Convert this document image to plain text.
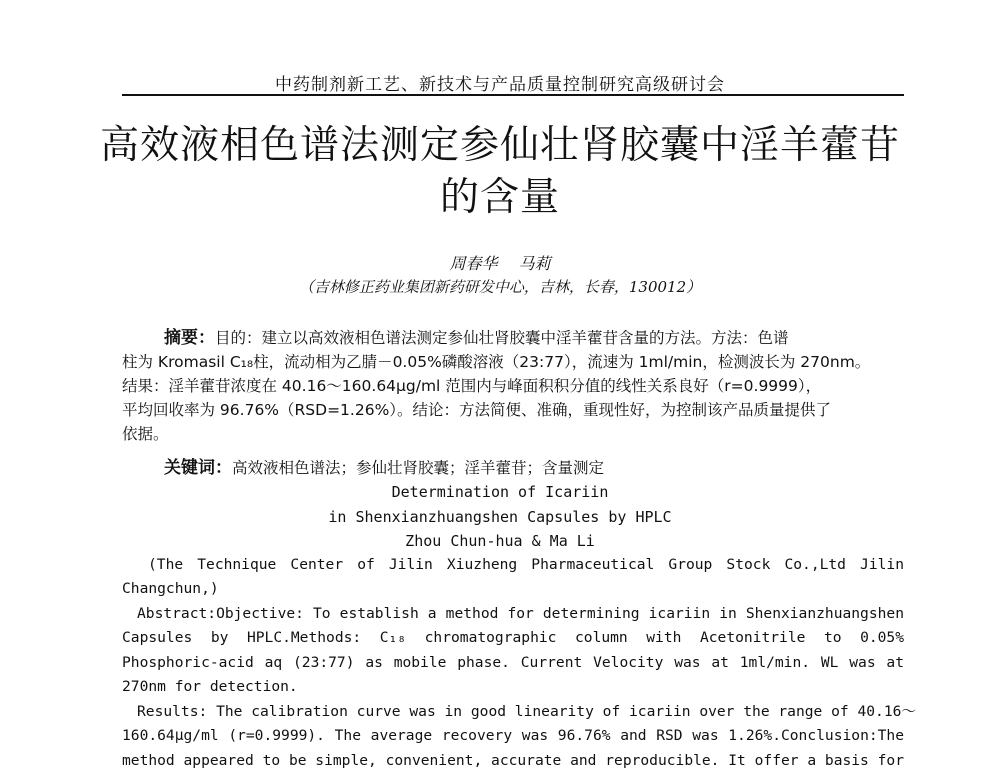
中药制剂新工艺、新技术与产品质量控制研究高级研讨会
高效液相色谱法测定参仙壮肾胶囊中淫羊藿苷
的含量
周春华　 马莉
（吉林修正药业集团新药研发中心，吉林，长春，130012）
摘要：目的：建立以高效液相色谱法测定参仙壮肾胶囊中淫羊藿苷含量的方法。方法：色谱
柱为 Kromasil C₁₈柱，流动相为乙腈－0.05%磷酸溶液（23:77），流速为 1ml/min，检测波长为 270nm。
结果：淫羊藿苷浓度在 40.16～160.64μg/ml 范围内与峰面积积分值的线性关系良好（r=0.9999），
平均回收率为 96.76%（RSD=1.26%）。结论：方法简便、准确，重现性好，为控制该产品质量提供了
依据。
关键词：高效液相色谱法；参仙壮肾胶囊；淫羊藿苷；含量测定
Determination of Icariin
in Shenxianzhuangshen Capsules by HPLC
Zhou Chun-hua & Ma Li
(The Technique Center of Jilin Xiuzheng Pharmaceutical Group Stock Co.,Ltd Jilin
Changchun,)
Abstract:Objective: To establish a method for determining icariin in Shenxianzhuangshen
Capsules by HPLC.Methods: C₁₈ chromatographic column with Acetonitrile to 0.05%
Phosphoric-acid aq (23:77) as mobile phase. Current Velocity was at 1ml/min. WL was at
270nm for detection.
Results: The calibration curve was in good linearity of icariin over the range of 40.16～
160.64μg/ml (r=0.9999). The average recovery was 96.76% and RSD was 1.26%.Conclusion:The
method appeared to be simple, convenient, accurate and reproducible. It offer a basis for
